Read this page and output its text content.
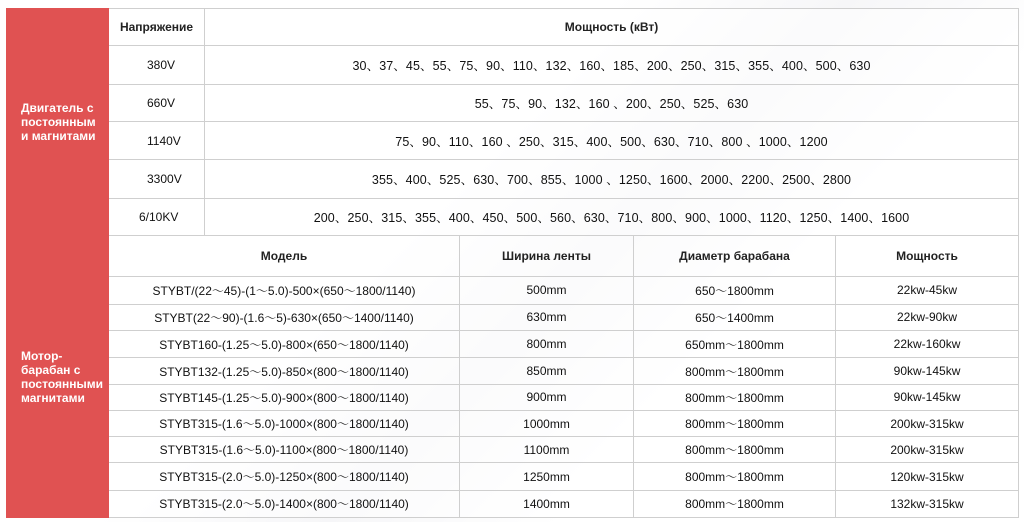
Двигатель с
постоянным
и магнитами	Напряжение	Мощность (кВт)			
	380V	30、37、45、55、75、90、110、132、160、185、200、250、315、355、400、500、630			
	660V	55、75、90、132、160 、200、250、525、630			
	1140V	75、90、110、160 、250、315、400、500、630、710、800 、1000、1200			
	3300V	355、400、525、630、700、855、1000 、1250、1600、2000、2200、2500、2800			
	6/10KV	200、250、315、355、400、450、500、560、630、710、800、900、1000、1120、1250、1400、1600			

Мотор-
барабан с
постоянными
магнитами	Модель		Ширина ленты	Диаметр барабана	Мощность
	STYBT/(22～45)-(1～5.0)-500×(650～1800/1140)		500mm	650～1800mm	22kw-45kw
	STYBT(22～90)-(1.6～5)-630×(650～1400/1140)		630mm	650～1400mm	22kw-90kw
	STYBT160-(1.25～5.0)-800×(650～1800/1140)		800mm	650mm～1800mm	22kw-160kw
	STYBT132-(1.25～5.0)-850×(800～1800/1140)		850mm	800mm～1800mm	90kw-145kw
	STYBT145-(1.25～5.0)-900×(800～1800/1140)		900mm	800mm～1800mm	90kw-145kw
	STYBT315-(1.6～5.0)-1000×(800～1800/1140)		1000mm	800mm～1800mm	200kw-315kw
	STYBT315-(1.6～5.0)-1100×(800～1800/1140)		1100mm	800mm～1800mm	200kw-315kw
	STYBT315-(2.0～5.0)-1250×(800～1800/1140)		1250mm	800mm～1800mm	120kw-315kw
	STYBT315-(2.0～5.0)-1400×(800～1800/1140)		1400mm	800mm～1800mm	132kw-315kw
